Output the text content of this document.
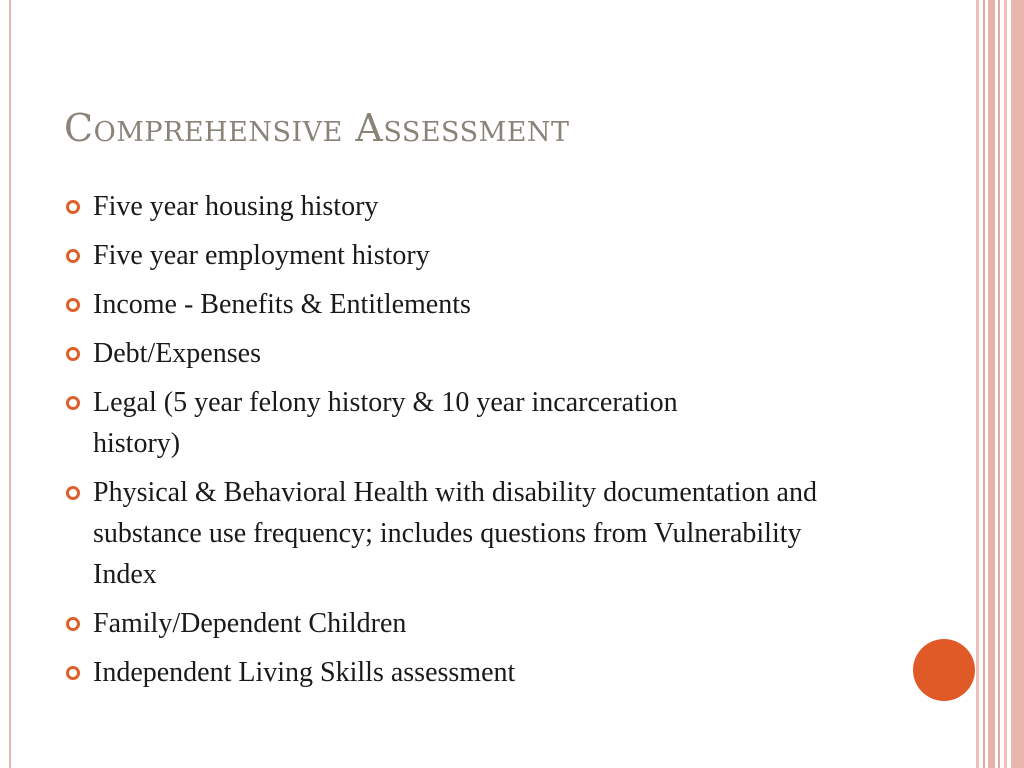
Comprehensive Assessment
Five year housing history
Five year employment history
Income - Benefits & Entitlements
Debt/Expenses
Legal (5 year felony history & 10 year incarceration history)
Physical & Behavioral Health with disability documentation and substance use frequency; includes questions from Vulnerability Index
Family/Dependent Children
Independent Living Skills assessment
